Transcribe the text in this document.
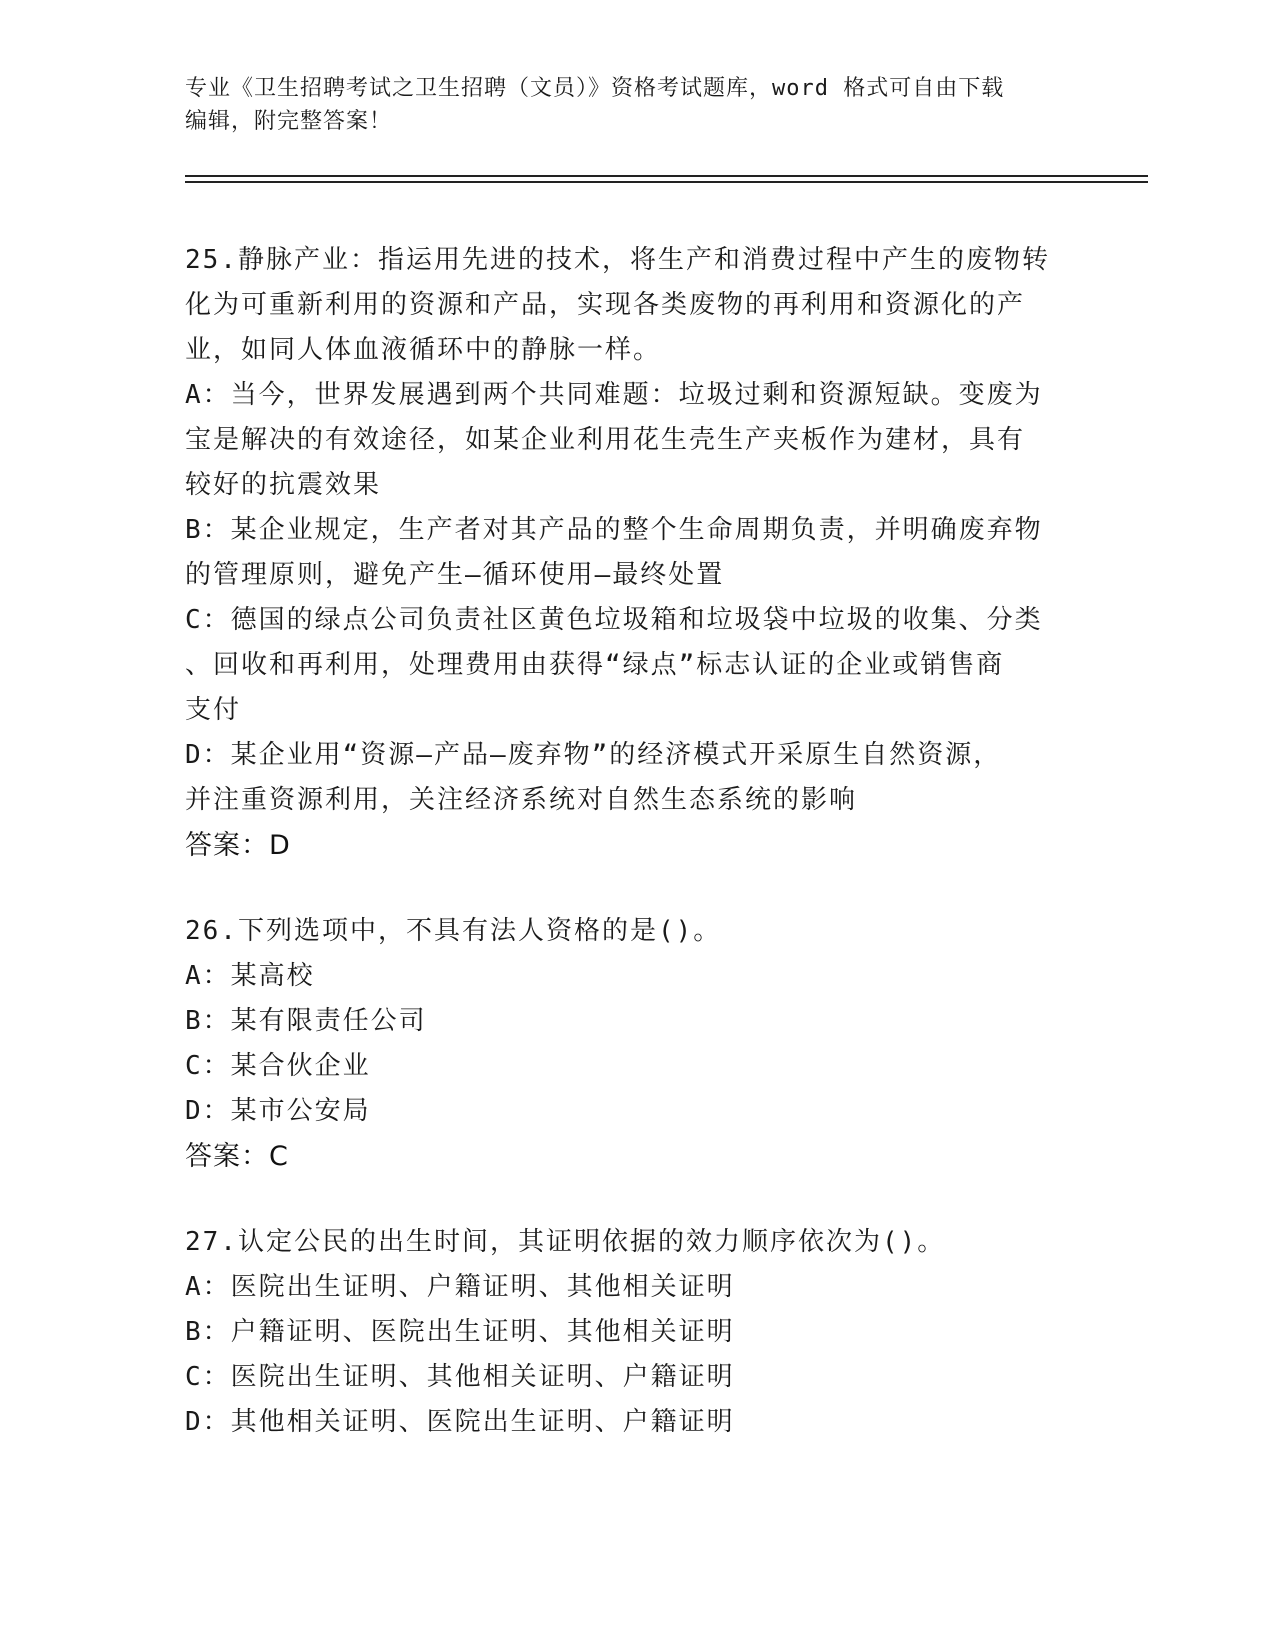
专业《卫生招聘考试之卫生招聘（文员）》资格考试题库，word 格式可自由下载
编辑，附完整答案！
25.静脉产业：指运用先进的技术，将生产和消费过程中产生的废物转
化为可重新利用的资源和产品，实现各类废物的再利用和资源化的产
业，如同人体血液循环中的静脉一样。
A：当今，世界发展遇到两个共同难题：垃圾过剩和资源短缺。变废为
宝是解决的有效途径，如某企业利用花生壳生产夹板作为建材，具有
较好的抗震效果
B：某企业规定，生产者对其产品的整个生命周期负责，并明确废弃物
的管理原则，避免产生—循环使用—最终处置
C：德国的绿点公司负责社区黄色垃圾箱和垃圾袋中垃圾的收集、分类
、回收和再利用，处理费用由获得“绿点”标志认证的企业或销售商
支付
D：某企业用“资源—产品—废弃物”的经济模式开采原生自然资源，
并注重资源利用，关注经济系统对自然生态系统的影响
答案：D
26.下列选项中，不具有法人资格的是()。
A：某高校
B：某有限责任公司
C：某合伙企业
D：某市公安局
答案：C
27.认定公民的出生时间，其证明依据的效力顺序依次为()。
A：医院出生证明、户籍证明、其他相关证明
B：户籍证明、医院出生证明、其他相关证明
C：医院出生证明、其他相关证明、户籍证明
D：其他相关证明、医院出生证明、户籍证明
